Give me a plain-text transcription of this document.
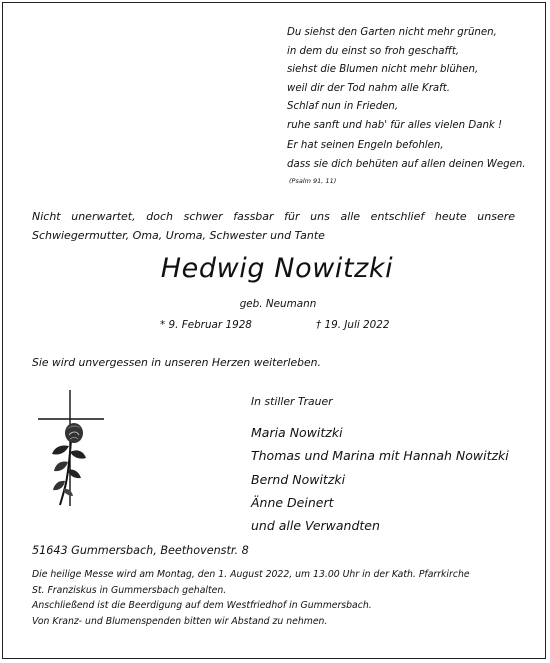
Du siehst den Garten nicht mehr grünen,
in dem du einst so froh geschafft,
siehst die Blumen nicht mehr blühen,
weil dir der Tod nahm alle Kraft.
Schlaf nun in Frieden,
ruhe sanft und hab' für alles vielen Dank !
Er hat seinen Engeln befohlen,
dass sie dich behüten auf allen deinen Wegen.
(Psalm 91, 11)
Nicht unerwartet, doch schwer fassbar für uns alle entschlief heute unsere Schwiegermutter, Oma, Uroma, Schwester und Tante
Hedwig Nowitzki
geb. Neumann
* 9. Februar 1928	† 19. Juli 2022
Sie wird unvergessen in unseren Herzen weiterleben.
In stiller Trauer
Maria Nowitzki
Thomas und Marina mit Hannah Nowitzki
Bernd Nowitzki
Änne Deinert
und alle Verwandten
51643 Gummersbach, Beethovenstr. 8
Die heilige Messe wird am Montag, den 1. August 2022, um 13.00 Uhr in der Kath. Pfarrkirche
St. Franziskus in Gummersbach gehalten.
Anschließend ist die Beerdigung auf dem Westfriedhof in Gummersbach.
Von Kranz- und Blumenspenden bitten wir Abstand zu nehmen.
